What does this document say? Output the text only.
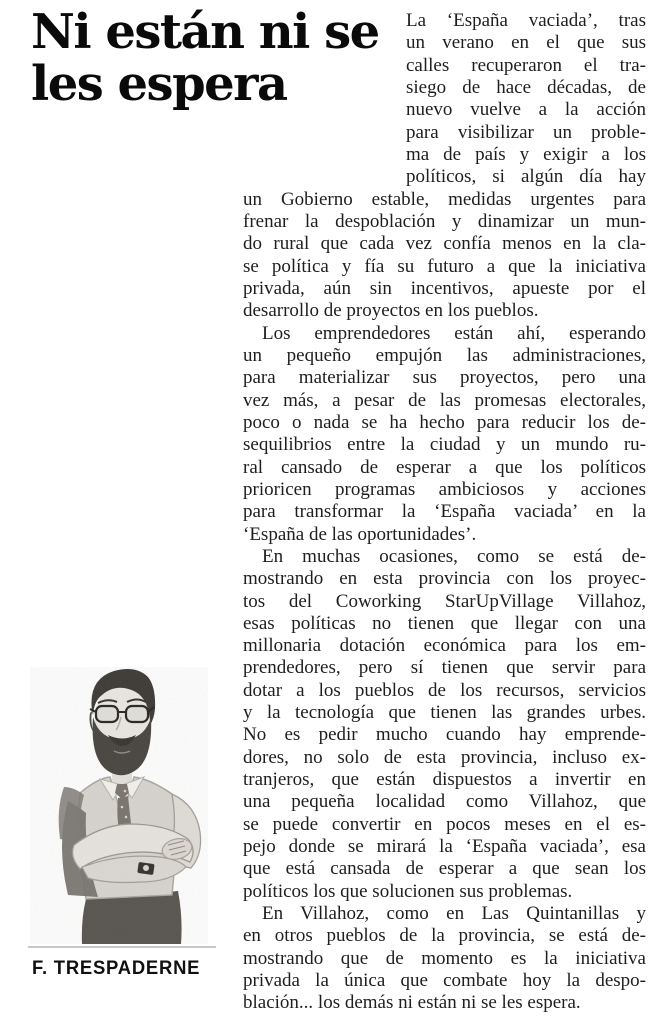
Ni están ni se
les espera
La ‘España vaciada’, tras
un verano en el que sus
calles recuperaron el tra-
siego de hace décadas, de
nuevo vuelve a la acción
para visibilizar un proble-
ma de país y exigir a los
políticos, si algún día hay
un Gobierno estable, medidas urgentes para
frenar la despoblación y dinamizar un mun-
do rural que cada vez confía menos en la cla-
se política y fía su futuro a que la iniciativa
privada, aún sin incentivos, apueste por el
desarrollo de proyectos en los pueblos.
Los emprendedores están ahí, esperando
un pequeño empujón las administraciones,
para materializar sus proyectos, pero una
vez más, a pesar de las promesas electorales,
poco o nada se ha hecho para reducir los de-
sequilibrios entre la ciudad y un mundo ru-
ral cansado de esperar a que los políticos
prioricen programas ambiciosos y acciones
para transformar la ‘España vaciada’ en la
‘España de las oportunidades’.
En muchas ocasiones, como se está de-
mostrando en esta provincia con los proyec-
tos del Coworking StarUpVillage Villahoz,
esas políticas no tienen que llegar con una
millonaria dotación económica para los em-
prendedores, pero sí tienen que servir para
dotar a los pueblos de los recursos, servicios
y la tecnología que tienen las grandes urbes.
No es pedir mucho cuando hay emprende-
dores, no solo de esta provincia, incluso ex-
tranjeros, que están dispuestos a invertir en
una pequeña localidad como Villahoz, que
se puede convertir en pocos meses en el es-
pejo donde se mirará la ‘España vaciada’, esa
que está cansada de esperar a que sean los
políticos los que solucionen sus problemas.
En Villahoz, como en Las Quintanillas y
en otros pueblos de la provincia, se está de-
mostrando que de momento es la iniciativa
privada la única que combate hoy la despo-
blación... los demás ni están ni se les espera.
F. TRESPADERNE
